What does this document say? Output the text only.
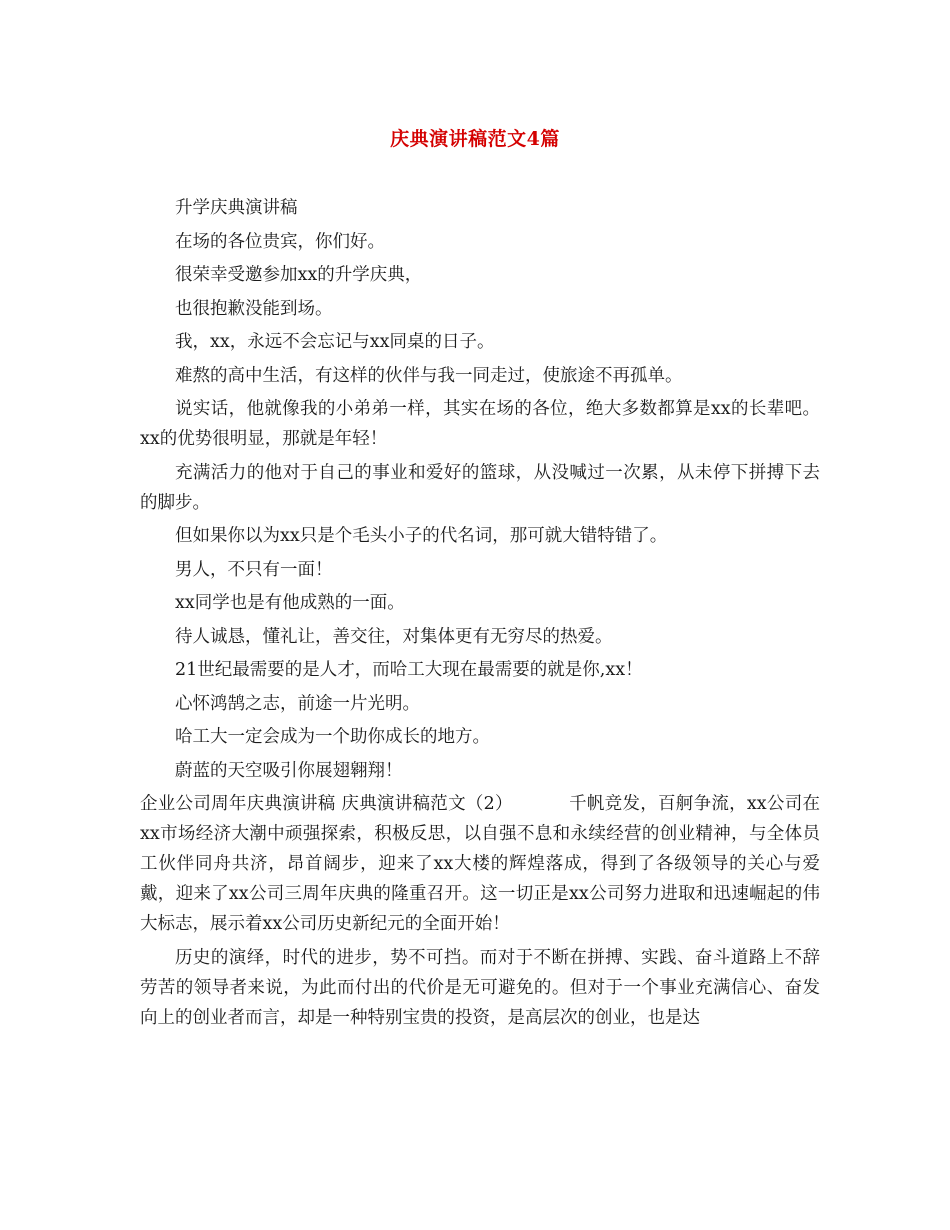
庆典演讲稿范文4篇

升学庆典演讲稿

在场的各位贵宾，你们好。

很荣幸受邀参加xx的升学庆典，

也很抱歉没能到场。

我，xx，永远不会忘记与xx同桌的日子。

难熬的高中生活，有这样的伙伴与我一同走过，使旅途不再孤单。

说实话，他就像我的小弟弟一样，其实在场的各位，绝大多数都算是xx的长辈吧。xx的优势很明显，那就是年轻！

充满活力的他对于自己的事业和爱好的篮球，从没喊过一次累，从未停下拼搏下去的脚步。

但如果你以为xx只是个毛头小子的代名词，那可就大错特错了。

男人，不只有一面！

xx同学也是有他成熟的一面。

待人诚恳，懂礼让，善交往，对集体更有无穷尽的热爱。

21世纪最需要的是人才，而哈工大现在最需要的就是你,xx！

心怀鸿鹄之志，前途一片光明。

哈工大一定会成为一个助你成长的地方。

蔚蓝的天空吸引你展翅翱翔！

企业公司周年庆典演讲稿 庆典演讲稿范文（2）	千帆竞发，百舸争流，xx公司在xx市场经济大潮中顽强探索，积极反思，以自强不息和永续经营的创业精神，与全体员工伙伴同舟共济，昂首阔步，迎来了xx大楼的辉煌落成，得到了各级领导的关心与爱戴，迎来了xx公司三周年庆典的隆重召开。这一切正是xx公司努力进取和迅速崛起的伟大标志，展示着xx公司历史新纪元的全面开始！

历史的演绎，时代的进步，势不可挡。而对于不断在拼搏、实践、奋斗道路上不辞劳苦的领导者来说，为此而付出的代价是无可避免的。但对于一个事业充满信心、奋发向上的创业者而言，却是一种特别宝贵的投资，是高层次的创业，也是达
